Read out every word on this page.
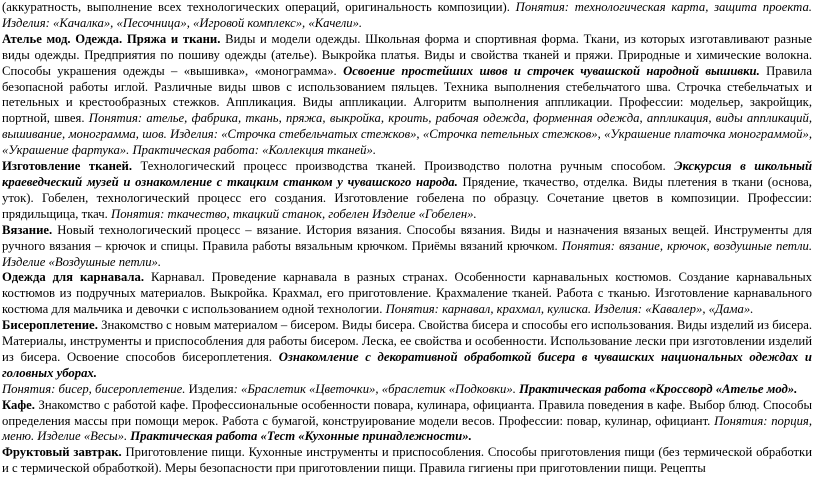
(аккуратность, выполнение всех технологических операций, оригинальность композиции). Понятия: технологическая карта, защита проекта. Изделия: «Качалка», «Песочница», «Игровой комплекс», «Качели».

Ателье мод. Одежда. Пряжа и ткани. Виды и модели одежды. Школьная форма и спортивная форма. Ткани, из которых изготавливают разные виды одежды. Предприятия по пошиву одежды (ателье). Выкройка платья. Виды и свойства тканей и пряжи. Природные и химические волокна. Способы украшения одежды – «вышивка», «монограмма». Освоение простейших швов и строчек чувашской народной вышивки. Правила безопасной работы иглой. Различные виды швов с использованием пяльцев. Техника выполнения стебельчатого шва. Строчка стебельчатых и петельных и крестообразных стежков. Аппликация. Виды аппликации. Алгоритм выполнения аппликации. Профессии: модельер, закройщик, портной, швея. Понятия: ателье, фабрика, ткань, пряжа, выкройка, кроить, рабочая одежда, форменная одежда, аппликация, виды аппликаций, вышивание, монограмма, шов. Изделия: «Строчка стебельчатых стежков», «Строчка петельных стежков», «Украшение платочка монограммой», «Украшение фартука». Практическая работа: «Коллекция тканей».

Изготовление тканей. Технологический процесс производства тканей. Производство полотна ручным способом. Экскурсия в школьный краеведческий музей и ознакомление с ткацким станком у чувашского народа. Прядение, ткачество, отделка. Виды плетения в ткани (основа, уток). Гобелен, технологический процесс его создания. Изготовление гобелена по образцу. Сочетание цветов в композиции. Профессии: прядильщица, ткач. Понятия: ткачество, ткацкий станок, гобелен Изделие «Гобелен».

Вязание. Новый технологический процесс – вязание. История вязания. Способы вязания. Виды и назначения вязаных вещей. Инструменты для ручного вязания – крючок и спицы. Правила работы вязальным крючком. Приёмы вязаний крючком. Понятия: вязание, крючок, воздушные петли. Изделие «Воздушные петли».

Одежда для карнавала. Карнавал. Проведение карнавала в разных странах. Особенности карнавальных костюмов. Создание карнавальных костюмов из подручных материалов. Выкройка. Крахмал, его приготовление. Крахмаление тканей. Работа с тканью. Изготовление карнавального костюма для мальчика и девочки с использованием одной технологии. Понятия: карнавал, крахмал, кулиска. Изделия: «Кавалер», «Дама».

Бисероплетение. Знакомство с новым материалом – бисером. Виды бисера. Свойства бисера и способы его использования. Виды изделий из бисера. Материалы, инструменты и приспособления для работы бисером. Леска, ее свойства и особенности. Использование лески при изготовлении изделий из бисера. Освоение способов бисероплетения. Ознакомление с декоративной обработкой бисера в чувашских национальных одеждах и головных уборах.

Понятия: бисер, бисероплетение. Изделия: «Браслетик «Цветочки», «браслетик «Подковки». Практическая работа «Кроссворд «Ателье мод».

Кафе. Знакомство с работой кафе. Профессиональные особенности повара, кулинара, официанта. Правила поведения в кафе. Выбор блюд. Способы определения массы при помощи мерок. Работа с бумагой, конструирование модели весов. Профессии: повар, кулинар, официант. Понятия: порция, меню. Изделие «Весы». Практическая работа «Тест «Кухонные принадлежности».

Фруктовый завтрак. Приготовление пищи. Кухонные инструменты и приспособления. Способы приготовления пищи (без термической обработки и с термической обработкой). Меры безопасности при приготовлении пищи. Правила гигиены при приготовлении пищи. Рецепты
